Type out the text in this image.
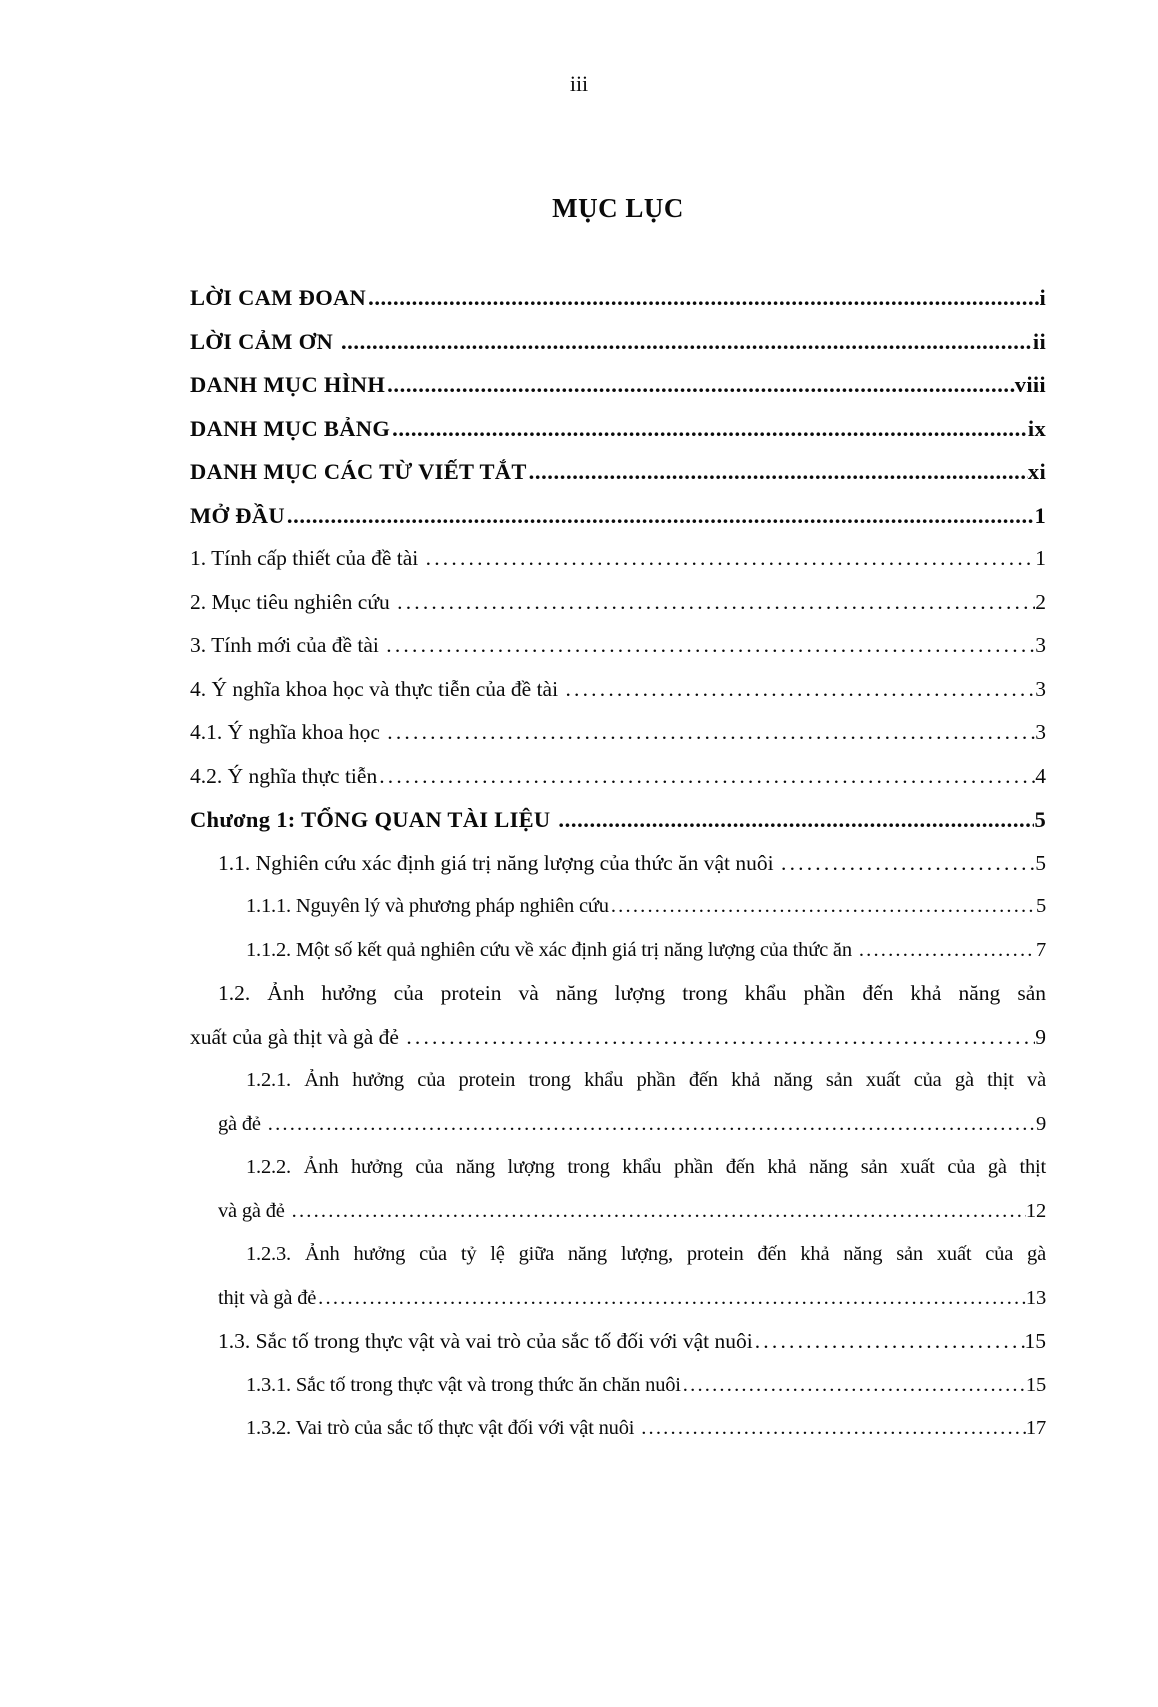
iii
MỤC LỤC
LỜI CAM ĐOAN .....	i
LỜI CẢM ƠN .....	ii
DANH MỤC HÌNH .....	viii
DANH MỤC BẢNG .....	ix
DANH MỤC CÁC TỪ VIẾT TẮT .....	xi
MỞ ĐẦU .....	1
1. Tính cấp thiết của đề tài .....	1
2. Mục tiêu nghiên cứu .....	2
3. Tính mới của đề tài .....	3
4. Ý nghĩa khoa học và thực tiễn của đề tài .....	3
4.1. Ý nghĩa khoa học .....	3
4.2. Ý nghĩa thực tiễn .....	4
Chương 1: TỔNG QUAN TÀI LIỆU .....	5
1.1. Nghiên cứu xác định giá trị năng lượng của thức ăn vật nuôi .....	5
1.1.1. Nguyên lý và phương pháp nghiên cứu .....	5
1.1.2. Một số kết quả nghiên cứu về xác định giá trị năng lượng của thức ăn .....	7
1.2. Ảnh hưởng của protein và năng lượng trong khẩu phần đến khả năng sản
xuất của gà thịt và gà đẻ .....	9
1.2.1. Ảnh hưởng của protein trong khẩu phần đến khả năng sản xuất của gà thịt và
gà đẻ .....	9
1.2.2. Ảnh hưởng của năng lượng trong khẩu phần đến khả năng sản xuất của gà thịt
và gà đẻ .....	12
1.2.3. Ảnh hưởng của tỷ lệ giữa năng lượng, protein đến khả năng sản xuất của gà
thịt và gà đẻ .....	13
1.3. Sắc tố trong thực vật và vai trò của sắc tố đối với vật nuôi .....	15
1.3.1. Sắc tố trong thực vật và trong thức ăn chăn nuôi .....	15
1.3.2. Vai trò của sắc tố thực vật đối với vật nuôi .....	17
